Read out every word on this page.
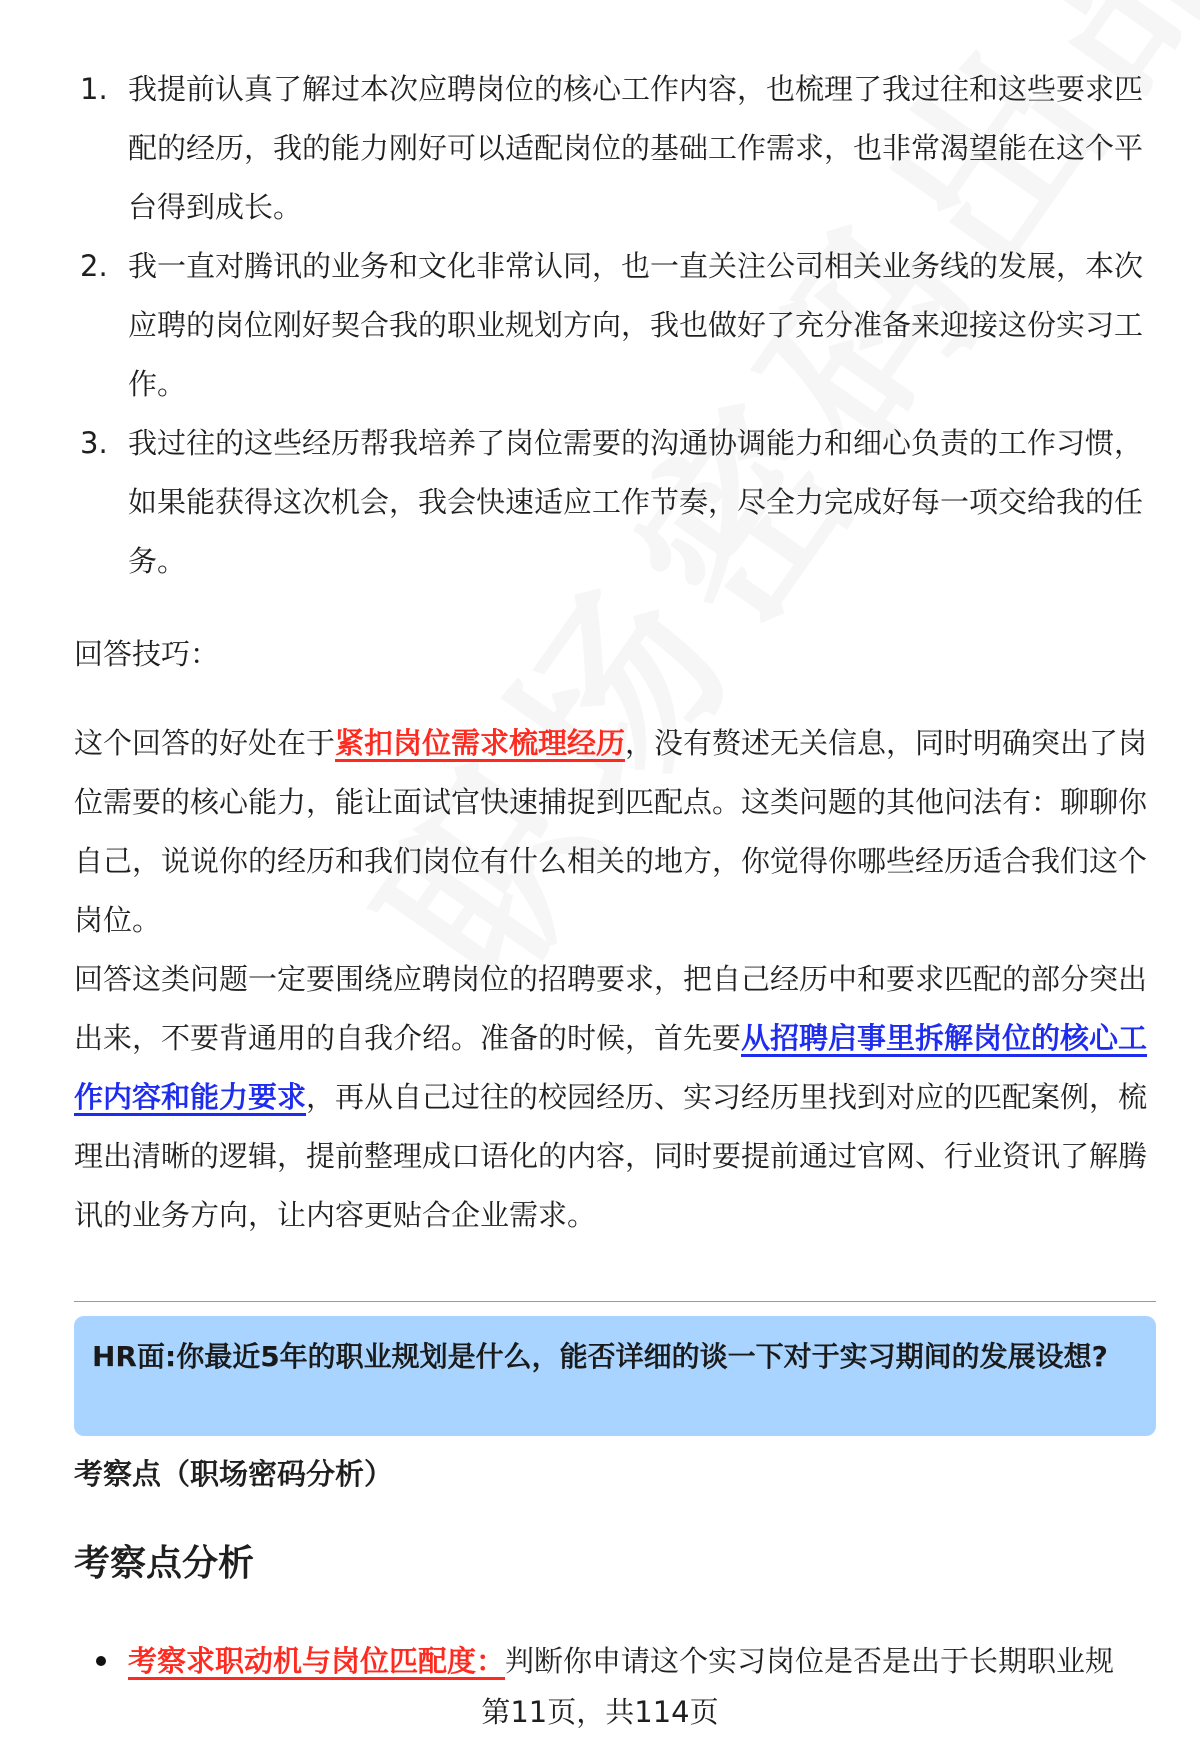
1. 我提前认真了解过本次应聘岗位的核心工作内容，也梳理了我过往和这些要求匹配的经历，我的能力刚好可以适配岗位的基础工作需求，也非常渴望能在这个平台得到成长。
2. 我一直对腾讯的业务和文化非常认同，也一直关注公司相关业务线的发展，本次应聘的岗位刚好契合我的职业规划方向，我也做好了充分准备来迎接这份实习工作。
3. 我过往的这些经历帮我培养了岗位需要的沟通协调能力和细心负责的工作习惯，如果能获得这次机会，我会快速适应工作节奏，尽全力完成好每一项交给我的任务。

回答技巧：

这个回答的好处在于紧扣岗位需求梳理经历，没有赘述无关信息，同时明确突出了岗位需要的核心能力，能让面试官快速捕捉到匹配点。这类问题的其他问法有：聊聊你自己，说说你的经历和我们岗位有什么相关的地方，你觉得你哪些经历适合我们这个岗位。

回答这类问题一定要围绕应聘岗位的招聘要求，把自己经历中和要求匹配的部分突出出来，不要背通用的自我介绍。准备的时候，首先要从招聘启事里拆解岗位的核心工作内容和能力要求，再从自己过往的校园经历、实习经历里找到对应的匹配案例，梳理出清晰的逻辑，提前整理成口语化的内容，同时要提前通过官网、行业资讯了解腾讯的业务方向，让内容更贴合企业需求。

HR面:你最近5年的职业规划是什么，能否详细的谈一下对于实习期间的发展设想?

考察点（职场密码分析）

考察点分析

考察求职动机与岗位匹配度：判断你申请这个实习岗位是否是出于长期职业规
第11页，共114页
